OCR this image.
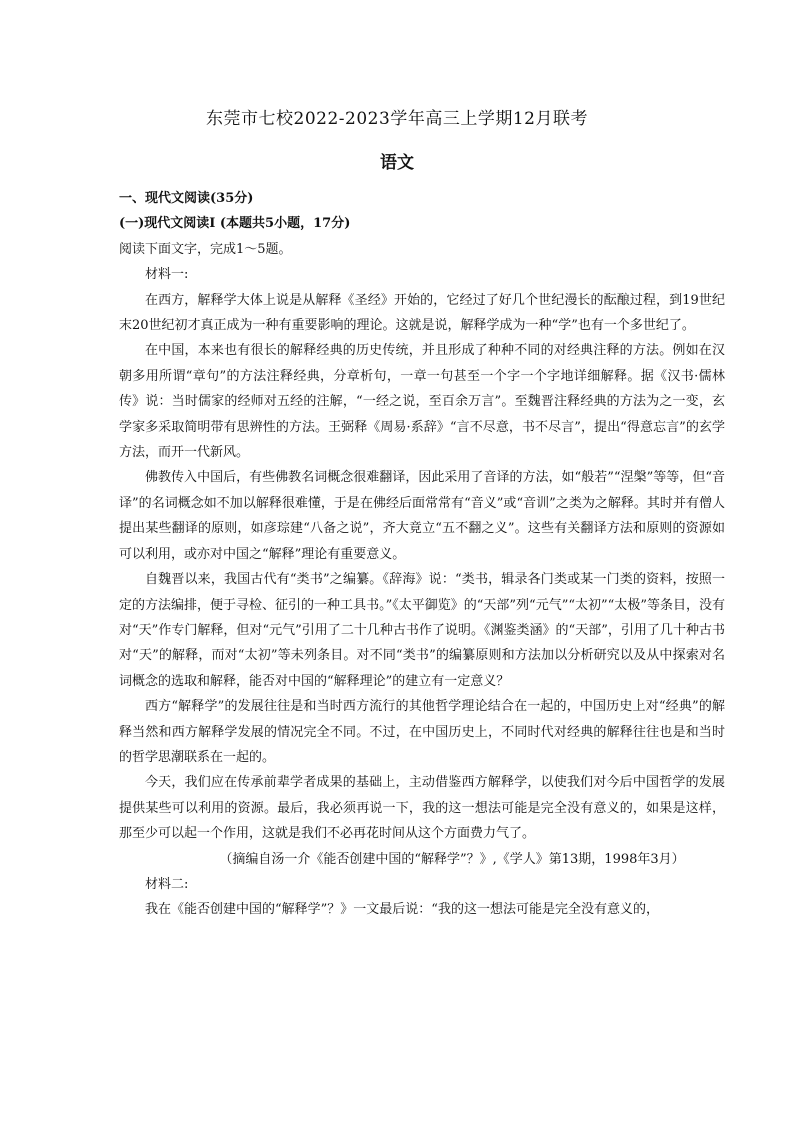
东莞市七校2022-2023学年高三上学期12月联考
语文

一、现代文阅读(35分)

(一)现代文阅读Ⅰ (本题共5小题，17分)

阅读下面文字，完成1～5题。

材料一:

在西方，解释学大体上说是从解释《圣经》开始的，它经过了好几个世纪漫长的酝酿过程，到19世纪末20世纪初才真正成为一种有重要影响的理论。这就是说，解释学成为一种“学”也有一个多世纪了。

在中国，本来也有很长的解释经典的历史传统，并且形成了种种不同的对经典注释的方法。例如在汉朝多用所谓“章句”的方法注释经典，分章析句，一章一句甚至一个字一个字地详细解释。据《汉书·儒林传》说：当时儒家的经师对五经的注解，“一经之说，至百余万言”。至魏晋注释经典的方法为之一变，玄学家多采取简明带有思辨性的方法。王弼释《周易·系辞》“言不尽意，书不尽言”，提出“得意忘言”的玄学方法，而开一代新风。

佛教传入中国后，有些佛教名词概念很难翻译，因此采用了音译的方法，如“般若”“涅槃”等等，但“音译”的名词概念如不加以解释很难懂，于是在佛经后面常常有“音义”或“音训”之类为之解释。其时并有僧人提出某些翻译的原则，如彦琮建“八备之说”，齐大竟立“五不翻之义”。这些有关翻译方法和原则的资源如可以利用，或亦对中国之“解释”理论有重要意义。

自魏晋以来，我国古代有“类书”之编纂。《辞海》说：“类书，辑录各门类或某一门类的资料，按照一定的方法编排，便于寻检、征引的一种工具书。”《太平御览》的“天部”列“元气”“太初”“太极”等条目，没有对“天”作专门解释，但对“元气”引用了二十几种古书作了说明。《渊鉴类涵》的“天部”，引用了几十种古书对“天”的解释，而对“太初”等未列条目。对不同“类书”的编纂原则和方法加以分析研究以及从中探索对名词概念的选取和解释，能否对中国的“解释理论”的建立有一定意义？

西方“解释学”的发展往往是和当时西方流行的其他哲学理论结合在一起的，中国历史上对“经典”的解释当然和西方解释学发展的情况完全不同。不过，在中国历史上，不同时代对经典的解释往往也是和当时的哲学思潮联系在一起的。

今天，我们应在传承前辈学者成果的基础上，主动借鉴西方解释学，以使我们对今后中国哲学的发展提供某些可以利用的资源。最后，我必须再说一下，我的这一想法可能是完全没有意义的，如果是这样，那至少可以起一个作用，这就是我们不必再花时间从这个方面费力气了。

（摘编自汤一介《能否创建中国的“解释学”？》,《学人》第13期，1998年3月）

材料二:

我在《能否创建中国的“解释学”？》一文最后说：“我的这一想法可能是完全没有意义的，
